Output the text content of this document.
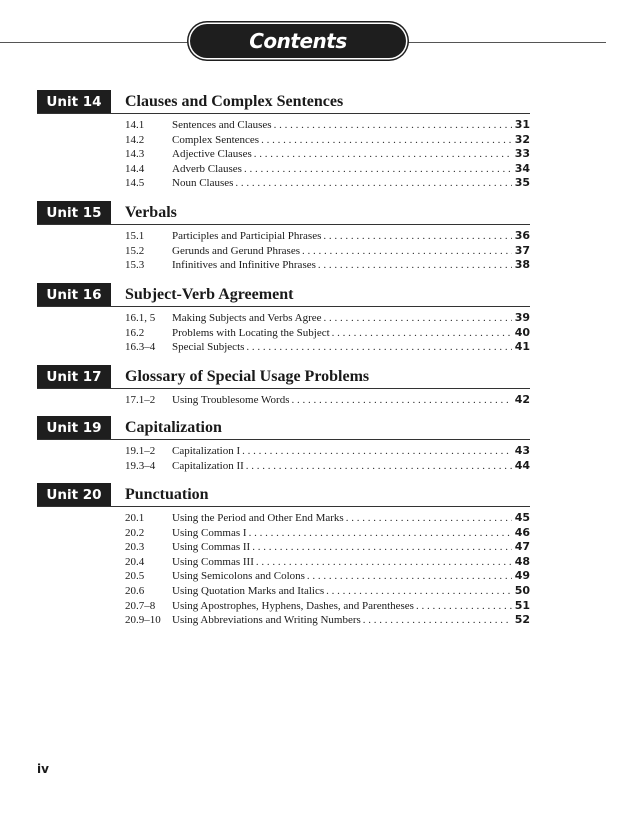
Contents
Unit 14	Clauses and Complex Sentences
14.1	Sentences and Clauses . . .	31
14.2	Complex Sentences . . .	32
14.3	Adjective Clauses . . .	33
14.4	Adverb Clauses . . .	34
14.5	Noun Clauses . . .	35
Unit 15	Verbals
15.1	Participles and Participial Phrases . . .	36
15.2	Gerunds and Gerund Phrases . . .	37
15.3	Infinitives and Infinitive Phrases . . .	38
Unit 16	Subject-Verb Agreement
16.1, 5	Making Subjects and Verbs Agree . . .	39
16.2	Problems with Locating the Subject . . .	40
16.3–4	Special Subjects . . .	41
Unit 17	Glossary of Special Usage Problems
17.1–2	Using Troublesome Words . . .	42
Unit 19	Capitalization
19.1–2	Capitalization I . . .	43
19.3–4	Capitalization II . . .	44
Unit 20	Punctuation
20.1	Using the Period and Other End Marks . . .	45
20.2	Using Commas I . . .	46
20.3	Using Commas II . . .	47
20.4	Using Commas III . . .	48
20.5	Using Semicolons and Colons . . .	49
20.6	Using Quotation Marks and Italics . . .	50
20.7–8	Using Apostrophes, Hyphens, Dashes, and Parentheses . . .	51
20.9–10	Using Abbreviations and Writing Numbers . . .	52
iv
